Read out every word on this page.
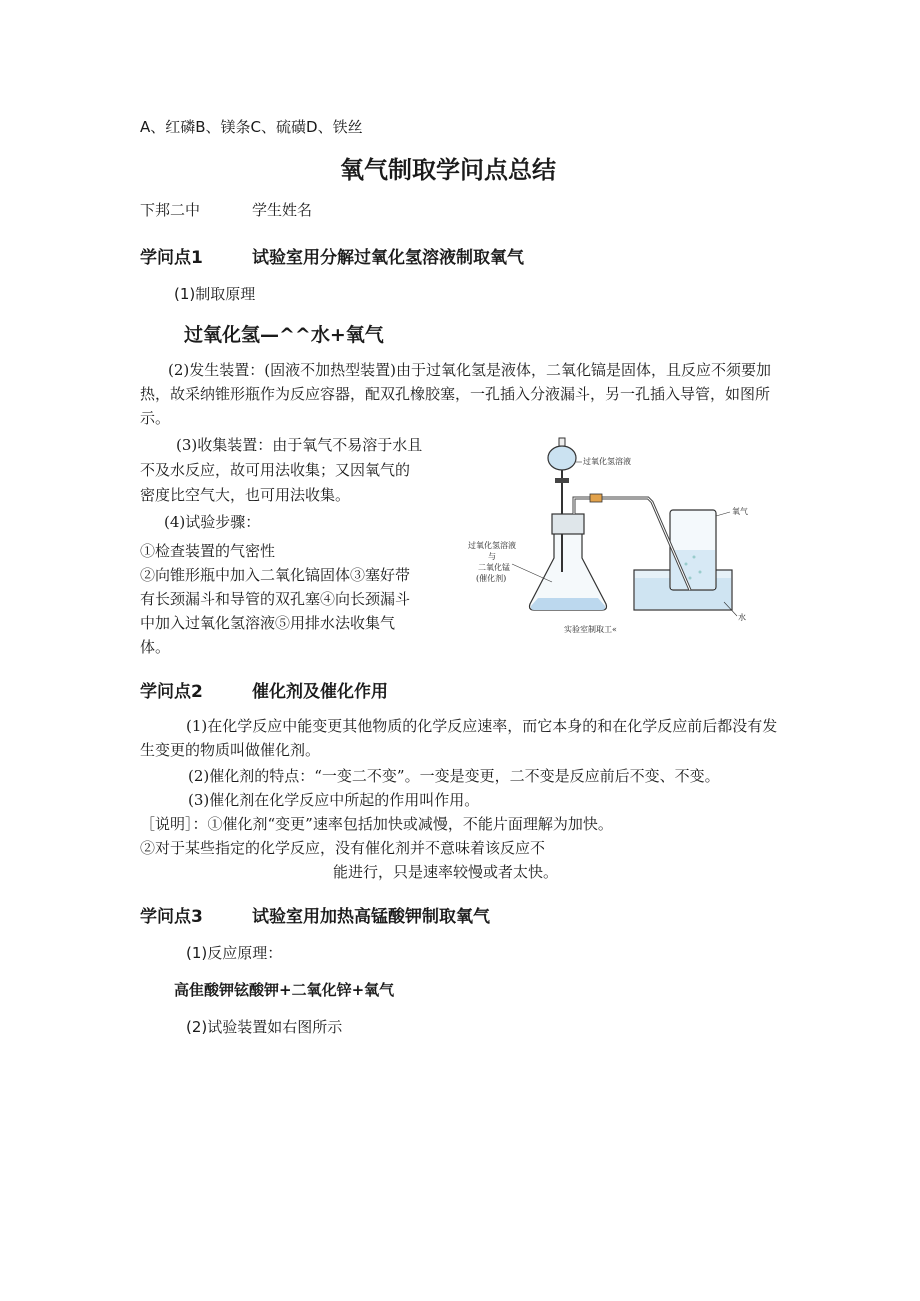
A、红磷B、镁条C、硫磺D、铁丝
氧气制取学问点总结
下邦二中	学生姓名
学问点1	试验室用分解过氧化氢溶液制取氧气
(1)制取原理
过氧化氢—^^水+氧气
(2)发生装置：(固液不加热型装置)由于过氧化氢是液体，二氧化镐是固体，且反应不须要加热，故采纳锥形瓶作为反应容器，配双孔橡胶塞，一孔插入分液漏斗，另一孔插入导管，如图所示。
(3)收集装置：由于氧气不易溶于水且
不及水反应，故可用法收集；又因氧气的
密度比空气大，也可用法收集。
(4)试验步骤：
①检查装置的气密性
②向锥形瓶中加入二氧化镐固体③塞好带
有长颈漏斗和导管的双孔塞④向长颈漏斗
中加入过氧化氢溶液⑤用排水法收集气
体。
过氧化氢溶液
过氧化氢溶液
与
二氧化锰
(催化剂)
氧气
水
实验室制取工«
学问点2	催化剂及催化作用
(1)在化学反应中能变更其他物质的化学反应速率，而它本身的和在化学反应前后都没有发生变更的物质叫做催化剂。
(2)催化剂的特点：“一变二不变”。一变是变更，二不变是反应前后不变、不变。
(3)催化剂在化学反应中所起的作用叫作用。
［说明］：①催化剂“变更”速率包括加快或减慢，不能片面理解为加快。
②对于某些指定的化学反应，没有催化剂并不意味着该反应不
能进行，只是速率较慢或者太快。
学问点3	试验室用加热高锰酸钾制取氧气
(1)反应原理：
高隹酸钾铉酸钾+二氧化锌+氧气
(2)试验装置如右图所示
